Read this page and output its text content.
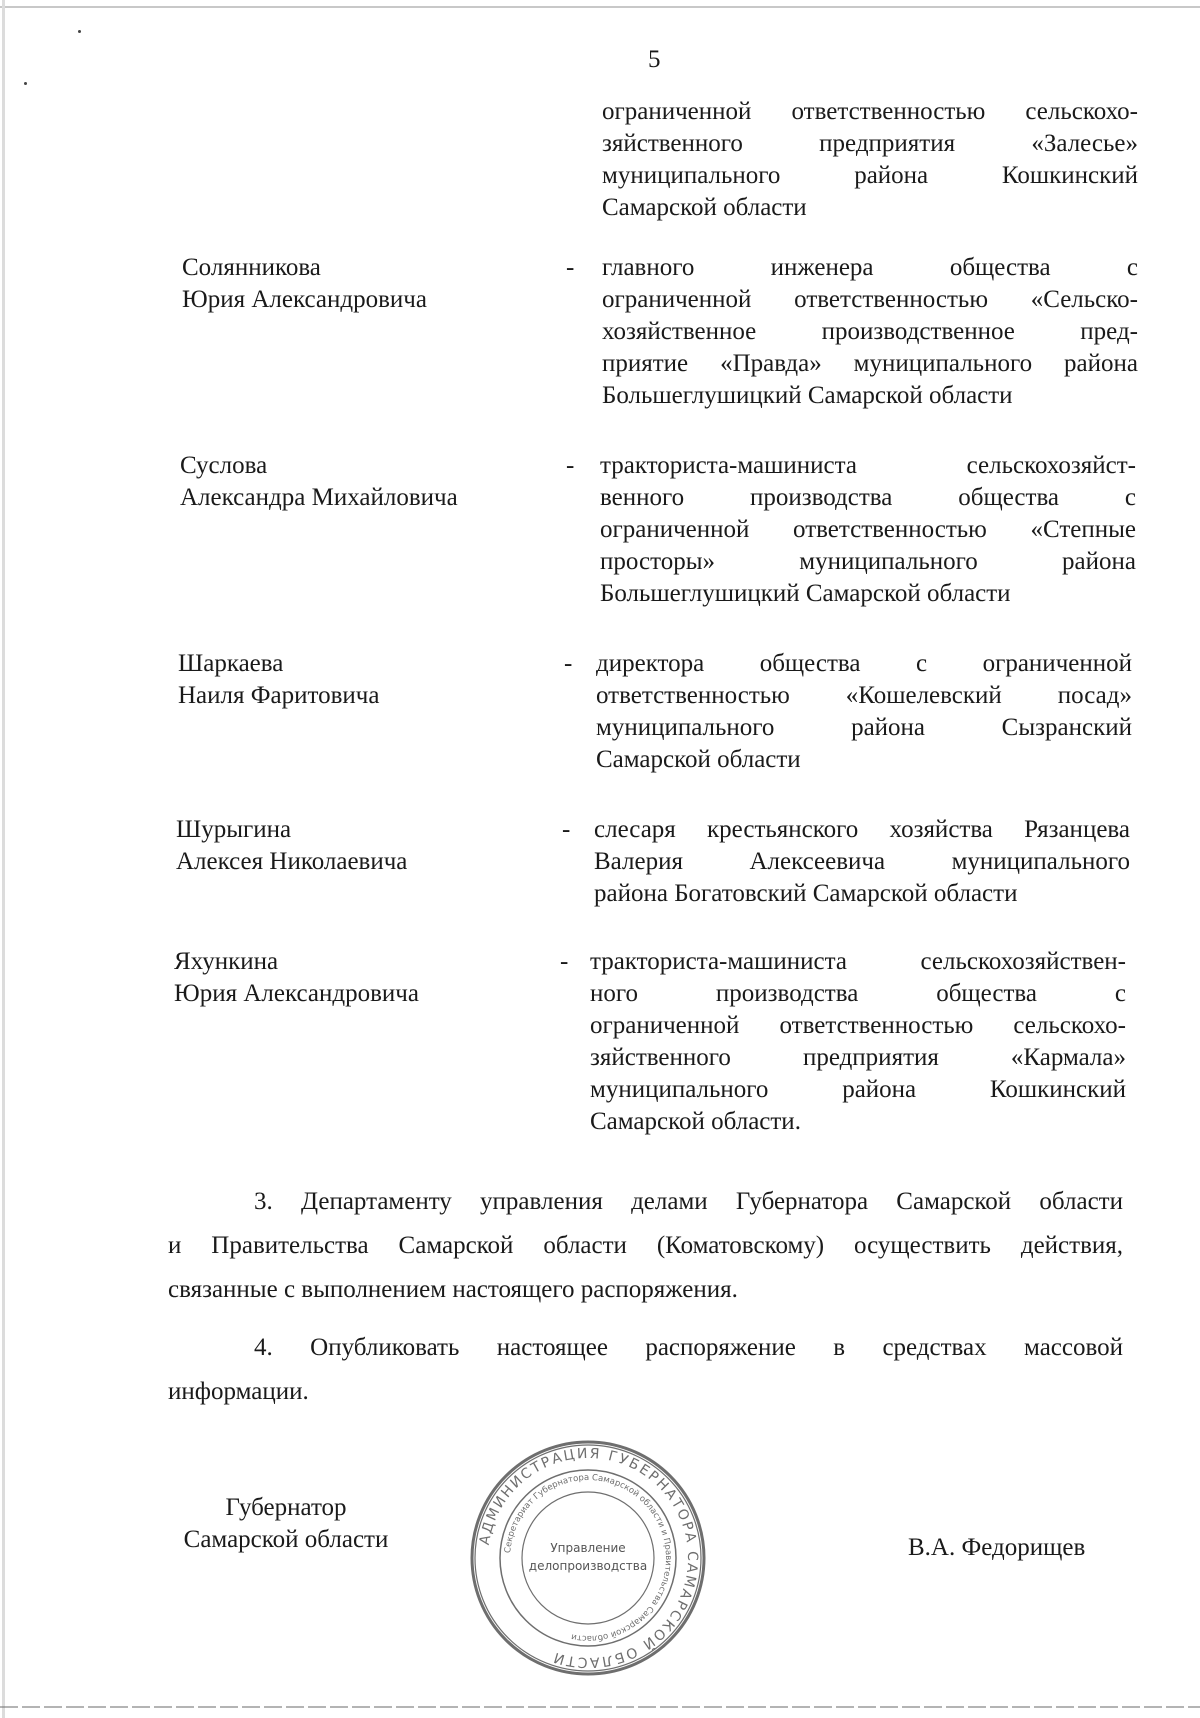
5
ограниченной ответственностью сельскохо-
зяйственного предприятия «Залесье»
муниципального района Кошкинский
Самарской области
Солянникова
Юрия Александровича
- главного инженера общества с
ограниченной ответственностью «Сельско-
хозяйственное производственное пред-
приятие «Правда» муниципального района
Большеглушицкий Самарской области
Суслова
Александра Михайловича
- тракториста-машиниста сельскохозяйст-
венного производства общества с
ограниченной ответственностью «Степные
просторы» муниципального района
Большеглушицкий Самарской области
Шаркаева
Наиля Фаритовича
- директора общества с ограниченной
ответственностью «Кошелевский посад»
муниципального района Сызранский
Самарской области
Шурыгина
Алексея Николаевича
- слесаря крестьянского хозяйства Рязанцева
Валерия Алексеевича муниципального
района Богатовский Самарской области
Яхункина
Юрия Александровича
- тракториста-машиниста сельскохозяйствен-
ного производства общества с
ограниченной ответственностью сельскохо-
зяйственного предприятия «Кармала»
муниципального района Кошкинский
Самарской области.
3. Департаменту управления делами Губернатора Самарской области
и Правительства Самарской области (Коматовскому) осуществить действия,
связанные с выполнением настоящего распоряжения.
4. Опубликовать настоящее распоряжение в средствах массовой
информации.
Губернатор
Самарской области	АДМИНИСТРАЦИЯ ГУБЕРНАТОРА САМАРСКОЙ ОБЛАСТИ
Секретариат Губернатора Самарской области и Правительства Самарской области
Управление
делопроизводства
В.А. Федорищев
